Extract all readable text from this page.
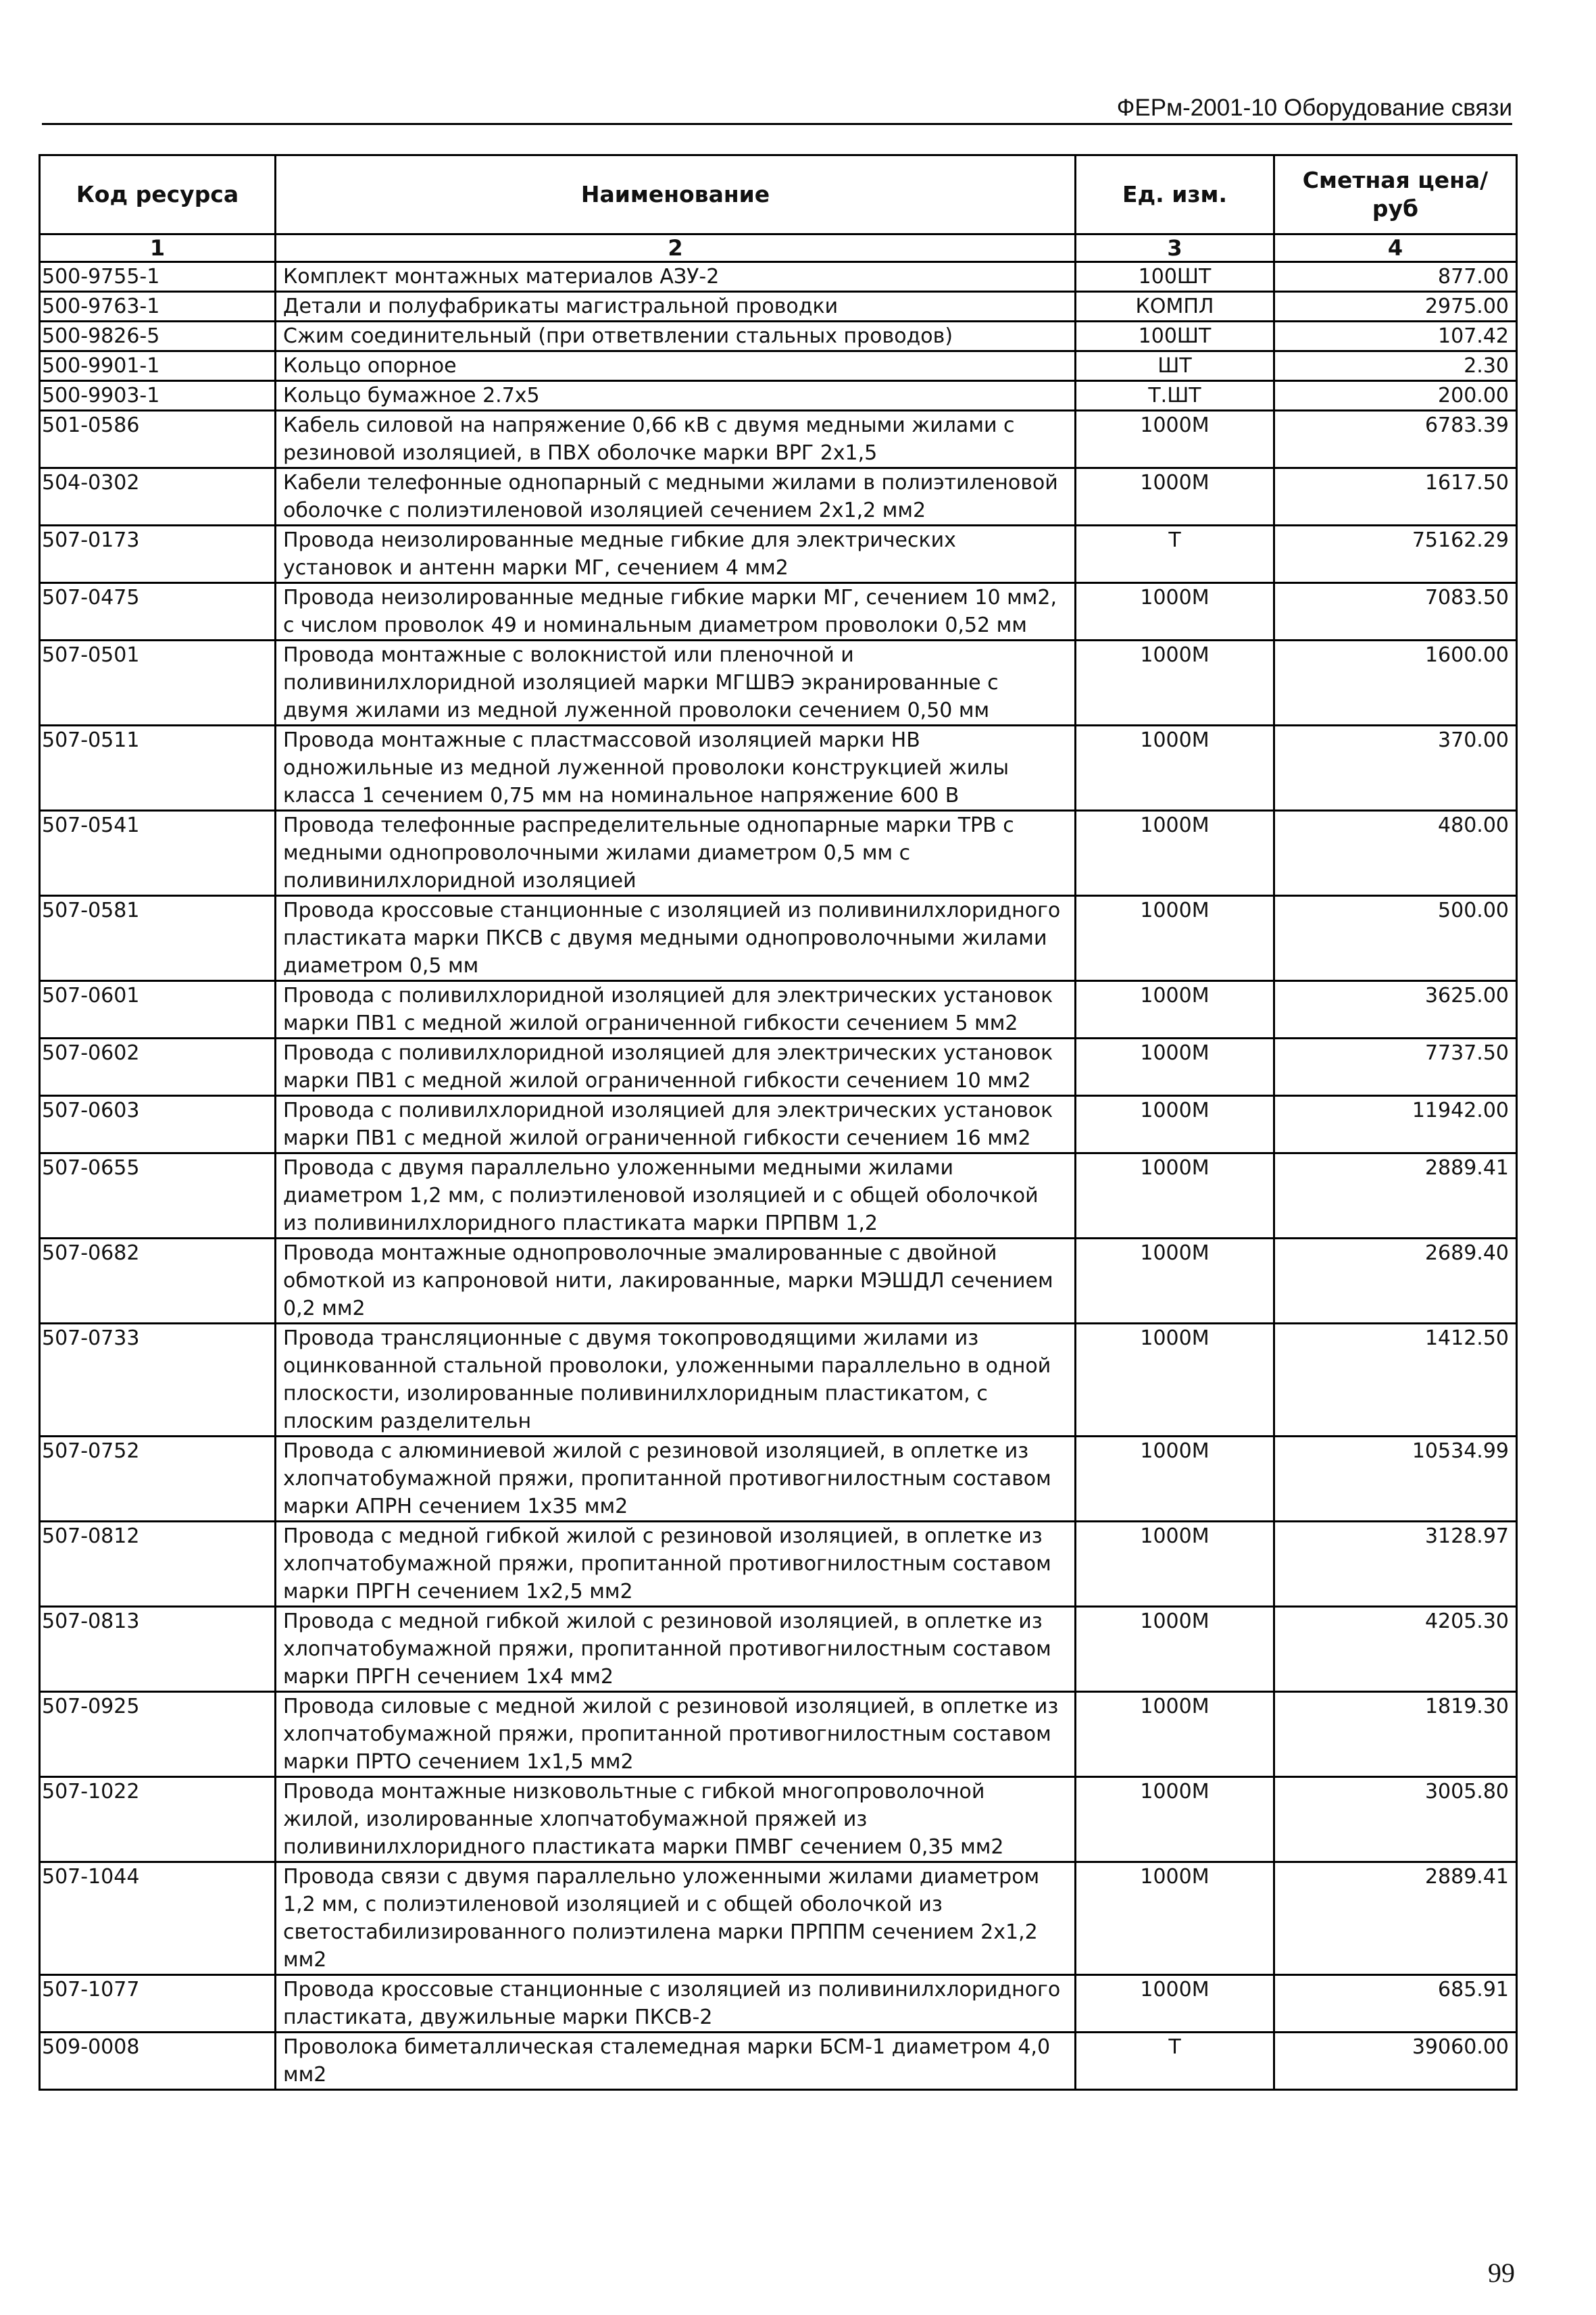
ФЕРм-2001-10 Оборудование связи
Код ресурса	Наименование	Ед. изм.	Сметная цена/руб
1	2	3	4
500-9755-1	Комплект монтажных материалов АЗУ-2	100ШТ	877.00
500-9763-1	Детали и полуфабрикаты магистральной проводки	КОМПЛ	2975.00
500-9826-5	Сжим соединительный (при ответвлении стальных проводов)	100ШТ	107.42
500-9901-1	Кольцо опорное	ШТ	2.30
500-9903-1	Кольцо бумажное 2.7x5	Т.ШТ	200.00
501-0586	Кабель силовой на напряжение 0,66 кВ с двумя медными жилами с резиновой изоляцией, в ПВХ оболочке марки ВРГ 2х1,5	1000М	6783.39
504-0302	Кабели телефонные однопарный с медными жилами в полиэтиленовой оболочке с полиэтиленовой изоляцией сечением 2х1,2 мм2	1000М	1617.50
507-0173	Провода неизолированные медные гибкие для электрических установок и антенн марки МГ, сечением 4 мм2	Т	75162.29
507-0475	Провода неизолированные медные гибкие марки МГ, сечением 10 мм2, с числом проволок 49 и номинальным диаметром проволоки 0,52 мм	1000М	7083.50
507-0501	Провода монтажные с волокнистой или пленочной и поливинилхлоридной изоляцией марки МГШВЭ экранированные с двумя жилами из медной луженной проволоки сечением 0,50 мм	1000М	1600.00
507-0511	Провода монтажные с пластмассовой изоляцией марки НВ одножильные из медной луженной проволоки конструкцией жилы класса 1 сечением 0,75 мм на номинальное напряжение 600 В	1000М	370.00
507-0541	Провода телефонные распределительные однопарные марки ТРВ с медными однопроволочными жилами диаметром 0,5 мм с поливинилхлоридной изоляцией	1000М	480.00
507-0581	Провода кроссовые станционные с изоляцией из поливинилхлоридного пластиката марки ПКСВ с двумя медными однопроволочными жилами диаметром 0,5 мм	1000М	500.00
507-0601	Провода с поливилхлоридной изоляцией для электрических установок марки ПВ1 с медной жилой ограниченной гибкости сечением 5 мм2	1000М	3625.00
507-0602	Провода с поливилхлоридной изоляцией для электрических установок марки ПВ1 с медной жилой ограниченной гибкости сечением 10 мм2	1000М	7737.50
507-0603	Провода с поливилхлоридной изоляцией для электрических установок марки ПВ1 с медной жилой ограниченной гибкости сечением 16 мм2	1000М	11942.00
507-0655	Провода с двумя параллельно уложенными медными жилами диаметром 1,2 мм, с полиэтиленовой изоляцией и с общей оболочкой из поливинилхлоридного пластиката марки ПРПВМ 1,2	1000М	2889.41
507-0682	Провода монтажные однопроволочные эмалированные с двойной обмоткой из капроновой нити, лакированные, марки МЭШДЛ сечением 0,2 мм2	1000М	2689.40
507-0733	Провода трансляционные с двумя токопроводящими жилами из оцинкованной стальной проволоки, уложенными параллельно в одной плоскости, изолированные поливинилхлоридным пластикатом, с плоским разделительн	1000М	1412.50
507-0752	Провода с алюминиевой жилой с резиновой изоляцией, в оплетке из хлопчатобумажной пряжи, пропитанной противогнилостным составом марки АПРН сечением 1х35 мм2	1000М	10534.99
507-0812	Провода с медной гибкой жилой с резиновой изоляцией, в оплетке из хлопчатобумажной пряжи, пропитанной противогнилостным составом марки ПРГН сечением 1х2,5 мм2	1000М	3128.97
507-0813	Провода с медной гибкой жилой с резиновой изоляцией, в оплетке из хлопчатобумажной пряжи, пропитанной противогнилостным составом марки ПРГН сечением 1х4 мм2	1000М	4205.30
507-0925	Провода силовые с медной жилой с резиновой изоляцией, в оплетке из хлопчатобумажной пряжи, пропитанной противогнилостным составом марки ПРТО сечением 1х1,5 мм2	1000М	1819.30
507-1022	Провода монтажные низковольтные с гибкой многопроволочной жилой, изолированные хлопчатобумажной пряжей из поливинилхлоридного пластиката марки ПМВГ сечением 0,35 мм2	1000М	3005.80
507-1044	Провода связи с двумя параллельно уложенными жилами диаметром 1,2 мм, с полиэтиленовой изоляцией и с общей оболочкой из светостабилизированного полиэтилена марки ПРППМ сечением 2х1,2 мм2	1000М	2889.41
507-1077	Провода кроссовые станционные с изоляцией из поливинилхлоридного пластиката, двужильные марки ПКСВ-2	1000М	685.91
509-0008	Проволока биметаллическая сталемедная марки БСМ-1 диаметром 4,0 мм2	Т	39060.00
99
